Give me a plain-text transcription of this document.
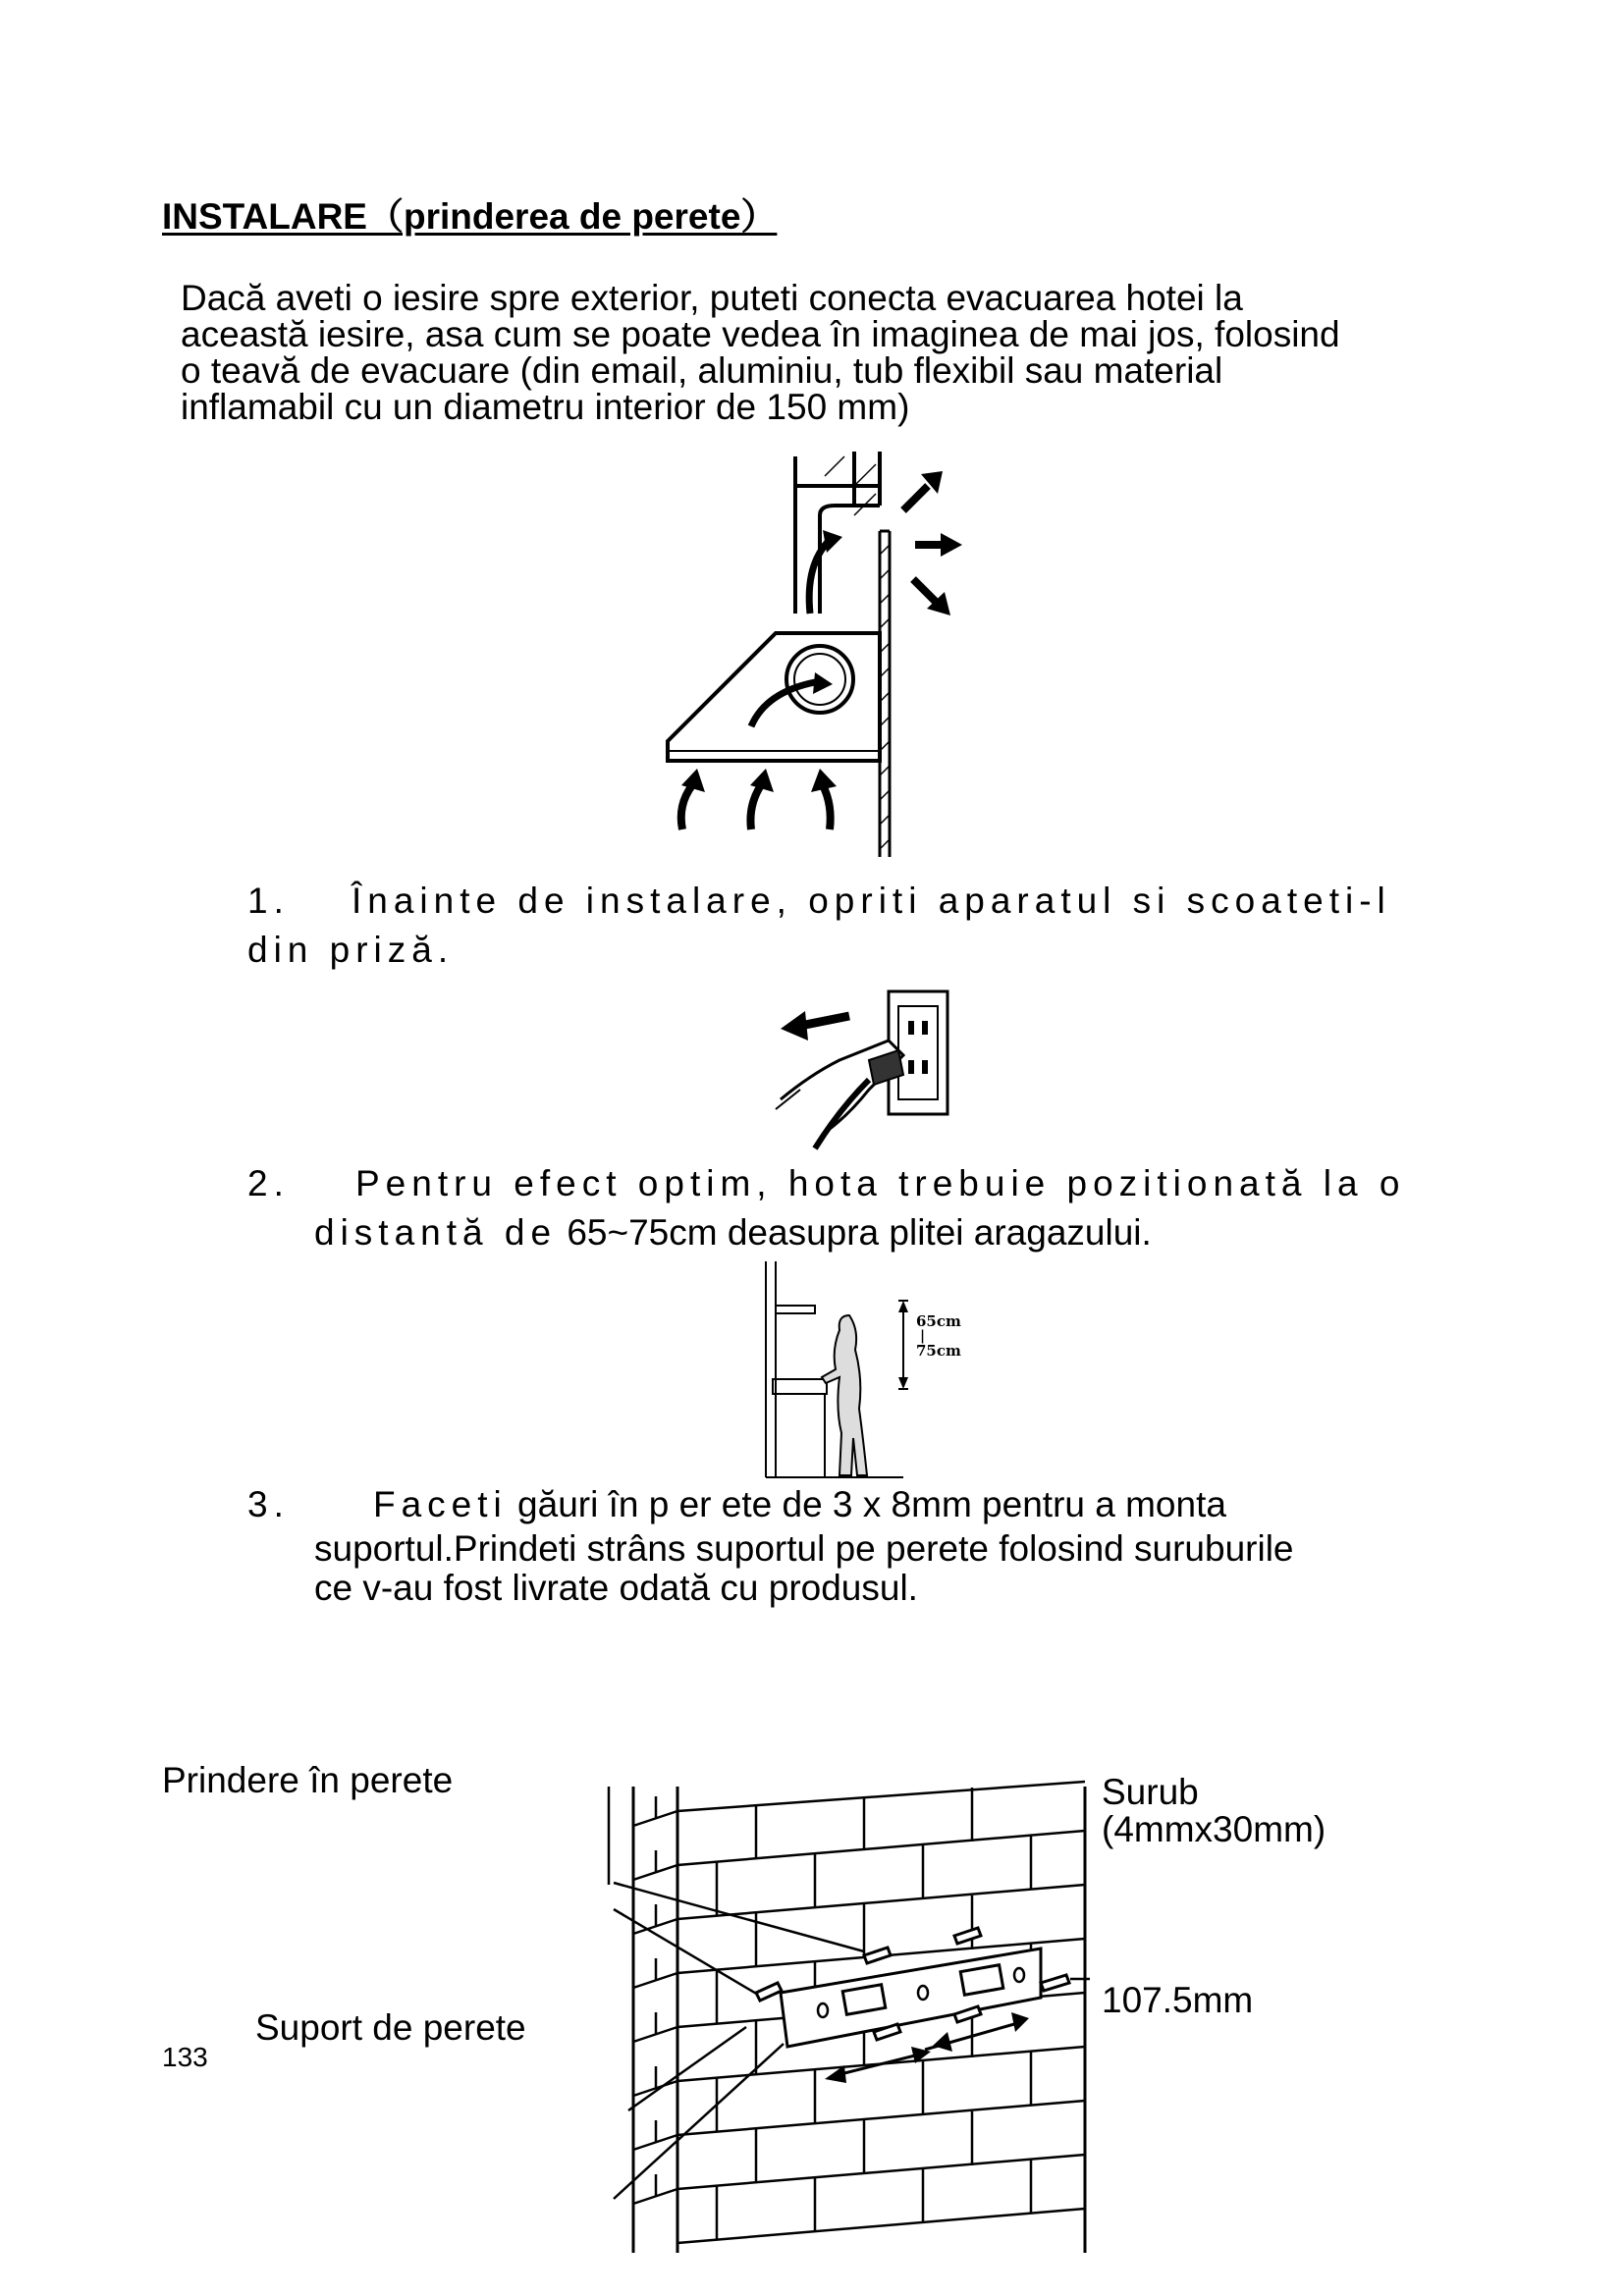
INSTALARE（prinderea de perete）
Dacă aveti o iesire spre exterior, puteti conecta evacuarea hotei la
această iesire, asa cum se poate vedea în imaginea de mai jos, folosind
o teavă de evacuare (din email, aluminiu, tub flexibil sau material
inflamabil cu un diametru interior de 150 mm)
1. Înainte de instalare, opriti aparatul si scoateti-l
din priză.
2. Pentru efect optim, hota trebuie pozitionată la o
distantă de 65~75cm deasupra plitei aragazului.
65cm
|
75cm
3. Faceti găuri în p er ete de 3 x 8mm pentru a monta
suportul.Prindeti strâns suportul pe perete folosind suruburile
ce v-au fost livrate odată cu produsul.
Prindere în perete	Surub
(4mmx30mm)
107.5mm
Suport de perete
133
